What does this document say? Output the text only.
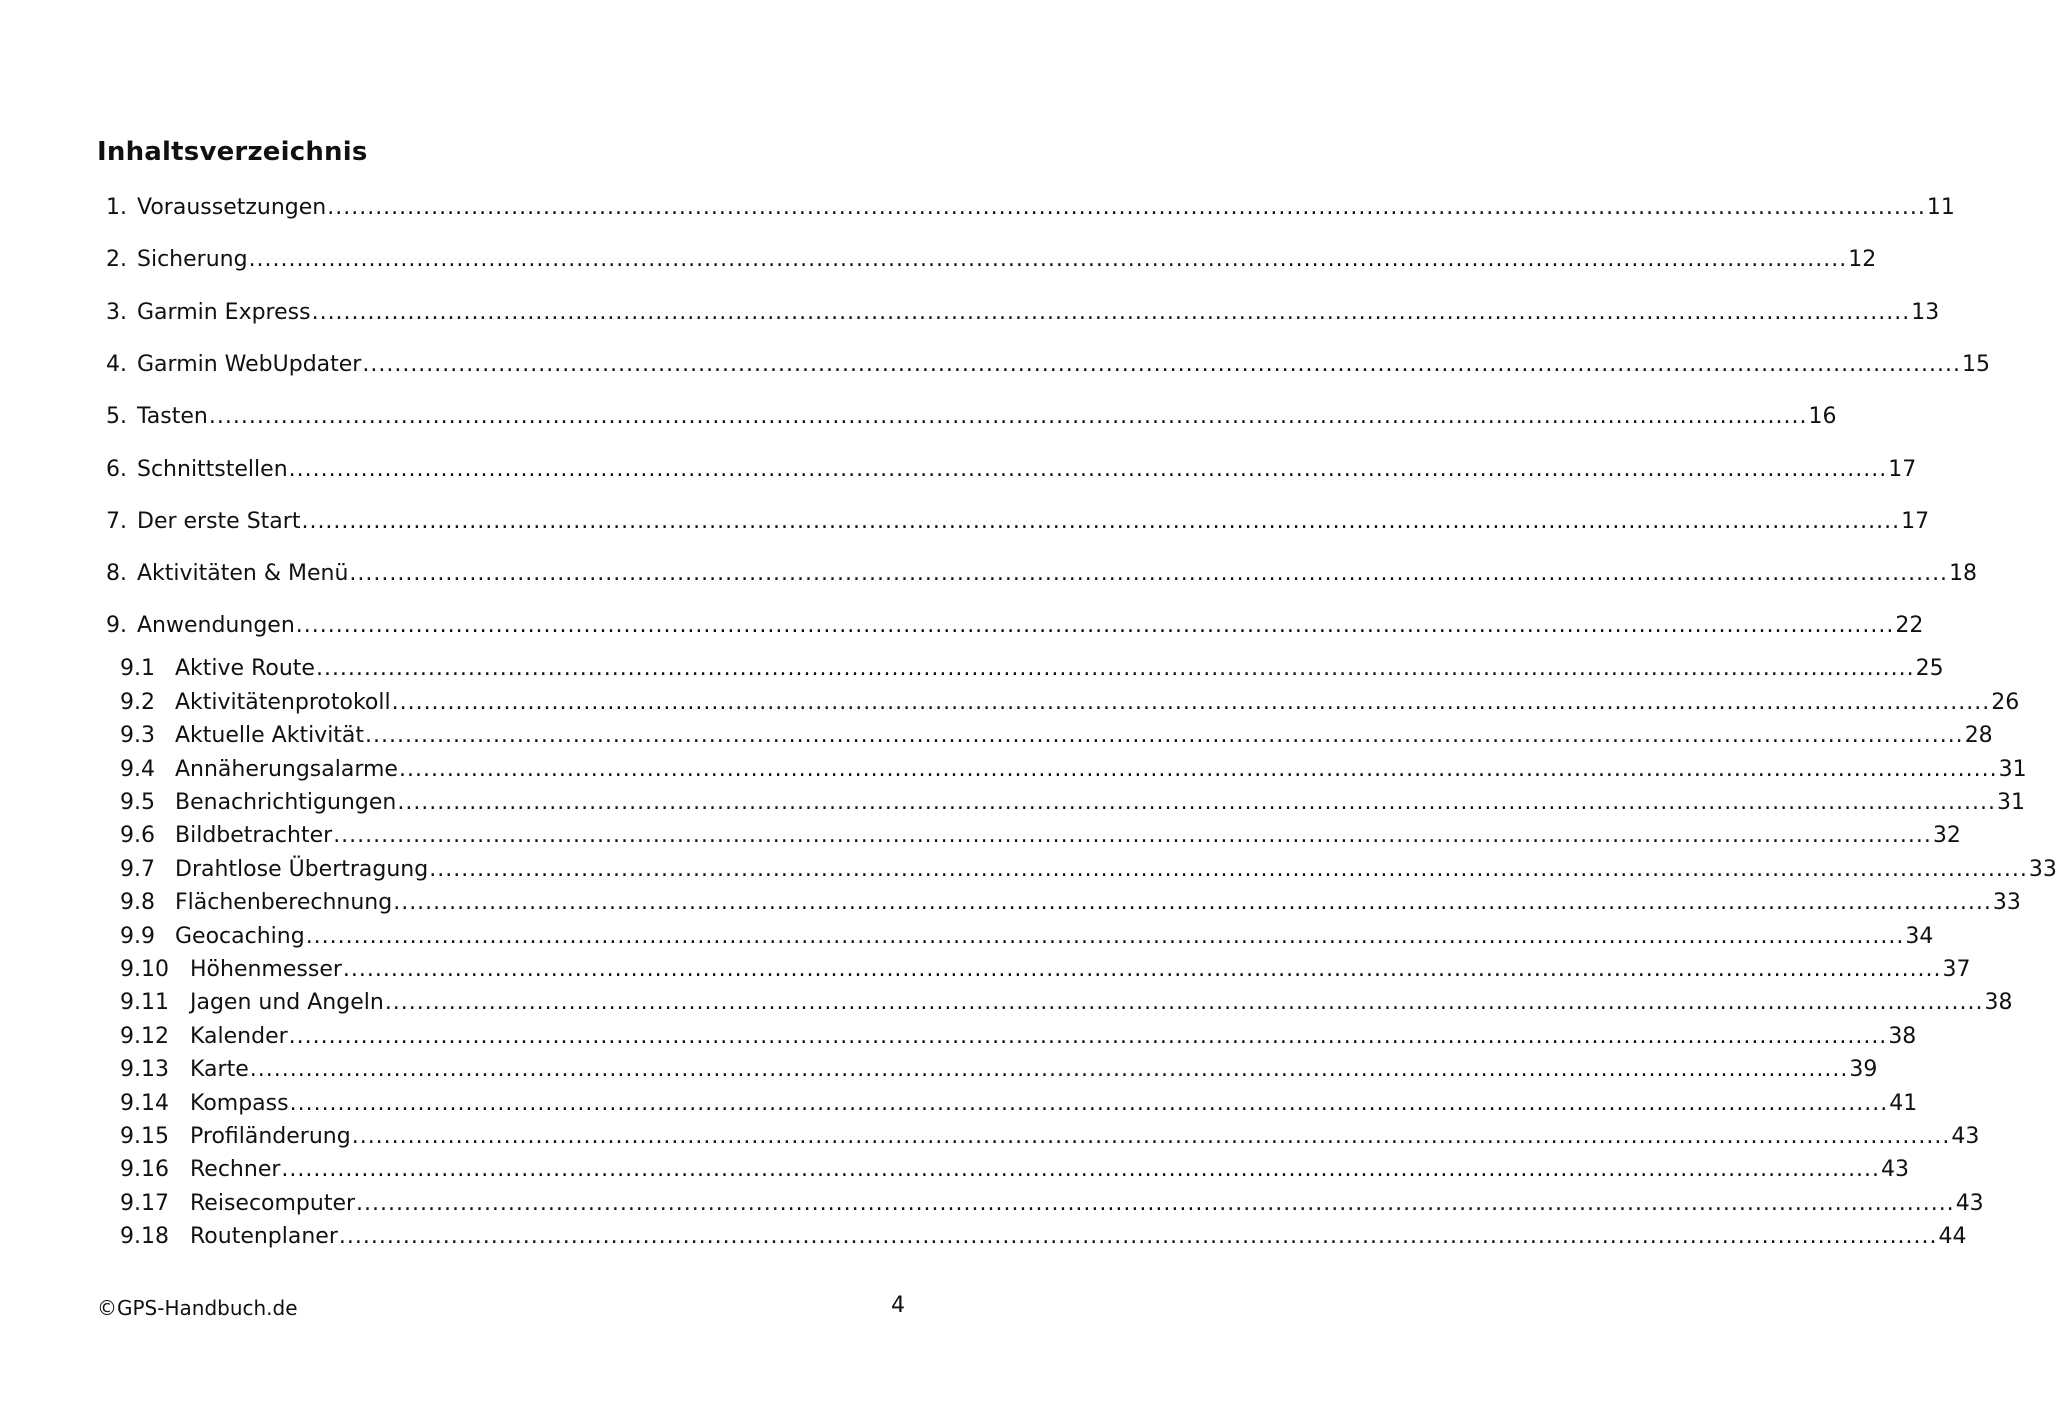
Inhaltsverzeichnis
1. Voraussetzungen ........................................................................................................................................................................................................ 11
2. Sicherung ........................................................................................................................................................................................................ 12
3. Garmin Express ........................................................................................................................................................................................................ 13
4. Garmin WebUpdater ........................................................................................................................................................................................................ 15
5. Tasten ........................................................................................................................................................................................................ 16
6. Schnittstellen ........................................................................................................................................................................................................ 17
7. Der erste Start ........................................................................................................................................................................................................ 17
8. Aktivitäten & Menü ........................................................................................................................................................................................................ 18
9. Anwendungen ........................................................................................................................................................................................................ 22
9.1 Aktive Route ........................................................................................................................................................................................................ 25
9.2 Aktivitätenprotokoll ........................................................................................................................................................................................................ 26
9.3 Aktuelle Aktivität ........................................................................................................................................................................................................ 28
9.4 Annäherungsalarme ........................................................................................................................................................................................................ 31
9.5 Benachrichtigungen ........................................................................................................................................................................................................ 31
9.6 Bildbetrachter ........................................................................................................................................................................................................ 32
9.7 Drahtlose Übertragung ........................................................................................................................................................................................................ 33
9.8 Flächenberechnung ........................................................................................................................................................................................................ 33
9.9 Geocaching ........................................................................................................................................................................................................ 34
9.10 Höhenmesser ........................................................................................................................................................................................................ 37
9.11 Jagen und Angeln ........................................................................................................................................................................................................ 38
9.12 Kalender ........................................................................................................................................................................................................ 38
9.13 Karte ........................................................................................................................................................................................................ 39
9.14 Kompass ........................................................................................................................................................................................................ 41
9.15 Profiländerung ........................................................................................................................................................................................................ 43
9.16 Rechner ........................................................................................................................................................................................................ 43
9.17 Reisecomputer ........................................................................................................................................................................................................ 43
9.18 Routenplaner ........................................................................................................................................................................................................ 44
©GPS-Handbuch.de	4
